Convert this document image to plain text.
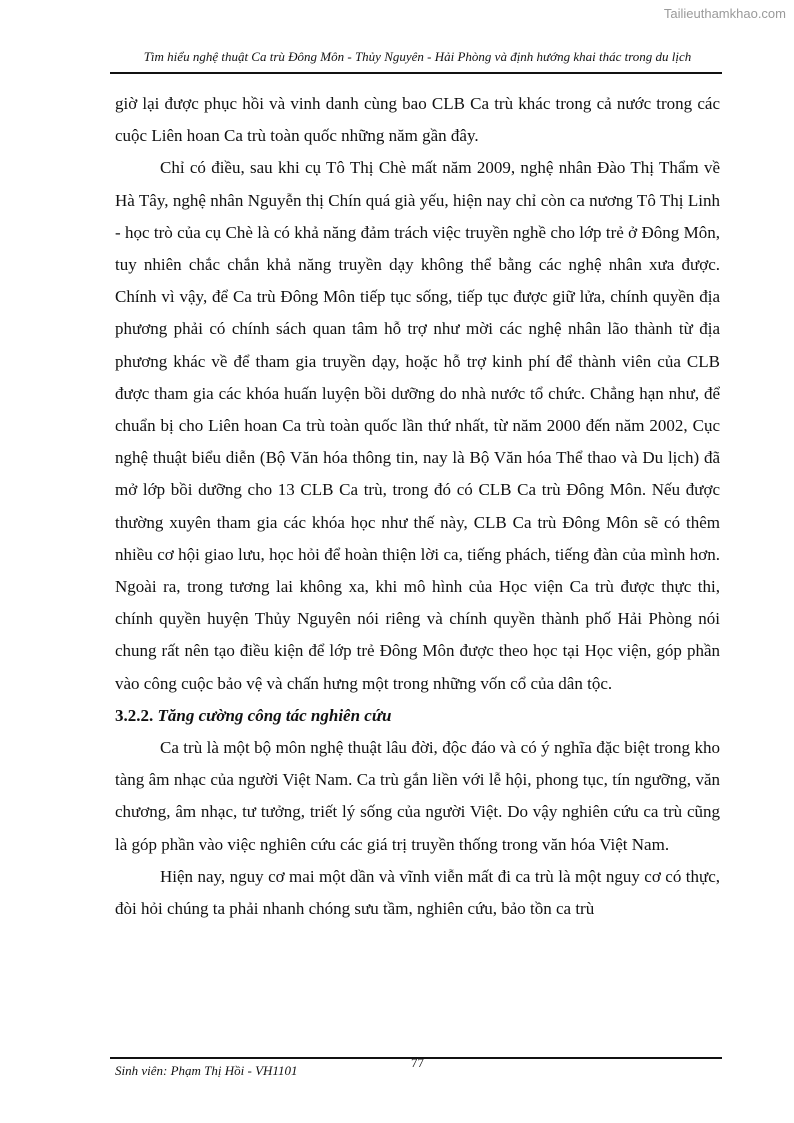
Tailieuthamkhao.com
Tìm hiểu nghệ thuật Ca trù Đông Môn - Thủy Nguyên - Hải Phòng và định hướng khai thác trong du lịch

giờ lại được phục hồi và vinh danh cùng bao CLB Ca trù khác trong cả nước trong các cuộc Liên hoan Ca trù toàn quốc những năm gần đây.

Chỉ có điều, sau khi cụ Tô Thị Chè mất năm 2009, nghệ nhân Đào Thị Thẩm về Hà Tây, nghệ nhân Nguyễn thị Chín quá già yếu, hiện nay chỉ còn ca nương Tô Thị Linh - học trò của cụ Chè là có khả năng đảm trách việc truyền nghề cho lớp trẻ ở Đông Môn, tuy nhiên chắc chắn khả năng truyền dạy không thể bằng các nghệ nhân xưa được. Chính vì vậy, để Ca trù Đông Môn tiếp tục sống, tiếp tục được giữ lửa, chính quyền địa phương phải có chính sách quan tâm hỗ trợ như mời các nghệ nhân lão thành từ địa phương khác về để tham gia truyền dạy, hoặc hỗ trợ kinh phí để thành viên của CLB được tham gia các khóa huấn luyện bồi dưỡng do nhà nước tổ chức. Chẳng hạn như, để chuẩn bị cho Liên hoan Ca trù toàn quốc lần thứ nhất, từ năm 2000 đến năm 2002, Cục nghệ thuật biểu diễn (Bộ Văn hóa thông tin, nay là Bộ Văn hóa Thể thao và Du lịch) đã mở lớp bồi dưỡng cho 13 CLB Ca trù, trong đó có CLB Ca trù Đông Môn. Nếu được thường xuyên tham gia các khóa học như thế này, CLB Ca trù Đông Môn sẽ có thêm nhiều cơ hội giao lưu, học hỏi để hoàn thiện lời ca, tiếng phách, tiếng đàn của mình hơn. Ngoài ra, trong tương lai không xa, khi mô hình của Học viện Ca trù được thực thi, chính quyền huyện Thủy Nguyên nói riêng và chính quyền thành phố Hải Phòng nói chung rất nên tạo điều kiện để lớp trẻ Đông Môn được theo học tại Học viện, góp phần vào công cuộc bảo vệ và chấn hưng một trong những vốn cổ của dân tộc.

3.2.2. Tăng cường công tác nghiên cứu

Ca trù là một bộ môn nghệ thuật lâu đời, độc đáo và có ý nghĩa đặc biệt trong kho tàng âm nhạc của người Việt Nam. Ca trù gắn liền với lễ hội, phong tục, tín ngưỡng, văn chương, âm nhạc, tư tưởng, triết lý sống của người Việt. Do vậy nghiên cứu ca trù cũng là góp phần vào việc nghiên cứu các giá trị truyền thống trong văn hóa Việt Nam.

Hiện nay, nguy cơ mai một dần và vĩnh viễn mất đi ca trù là một nguy cơ có thực, đòi hỏi chúng ta phải nhanh chóng sưu tầm, nghiên cứu, bảo tồn ca trù

Sinh viên: Phạm Thị Hồi - VH1101
77
